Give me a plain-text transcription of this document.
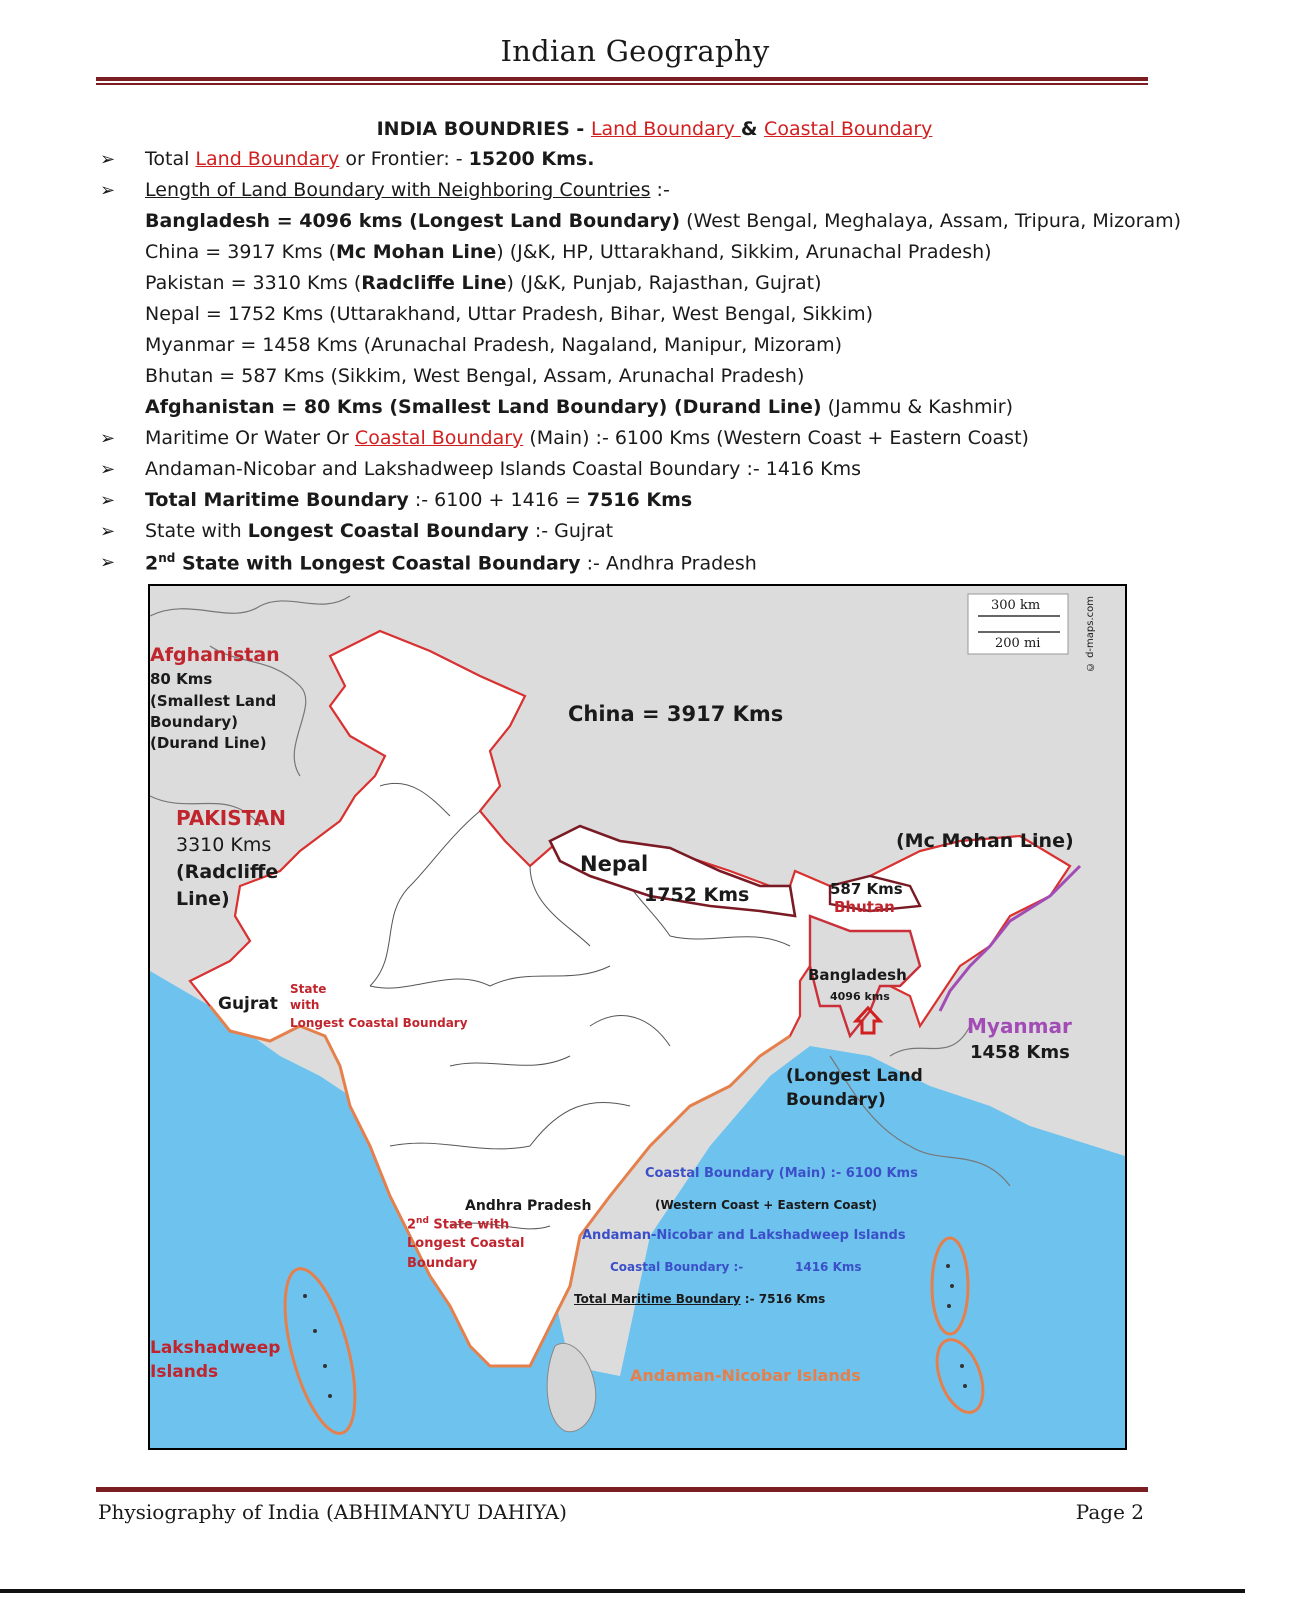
Indian Geography
INDIA BOUNDRIES - Land Boundary & Coastal Boundary
➢ Total Land Boundary or Frontier: - 15200 Kms.
➢ Length of Land Boundary with Neighboring Countries :-
Bangladesh = 4096 kms (Longest Land Boundary) (West Bengal, Meghalaya, Assam, Tripura, Mizoram)
China = 3917 Kms (Mc Mohan Line) (J&K, HP, Uttarakhand, Sikkim, Arunachal Pradesh)
Pakistan = 3310 Kms (Radcliffe Line) (J&K, Punjab, Rajasthan, Gujrat)
Nepal = 1752 Kms (Uttarakhand, Uttar Pradesh, Bihar, West Bengal, Sikkim)
Myanmar = 1458 Kms (Arunachal Pradesh, Nagaland, Manipur, Mizoram)
Bhutan = 587 Kms (Sikkim, West Bengal, Assam, Arunachal Pradesh)
Afghanistan = 80 Kms (Smallest Land Boundary) (Durand Line) (Jammu & Kashmir)
➢ Maritime Or Water Or Coastal Boundary (Main) :- 6100 Kms (Western Coast + Eastern Coast)
➢ Andaman-Nicobar and Lakshadweep Islands Coastal Boundary :- 1416 Kms
➢ Total Maritime Boundary :- 6100 + 1416 = 7516 Kms
➢ State with Longest Coastal Boundary :- Gujrat
➢ 2nd State with Longest Coastal Boundary :- Andhra Pradesh
300 km
200 mi	© d-maps.com
Afghanistan
80 Kms
(Smallest Land
Boundary)
(Durand Line)
China = 3917 Kms
PAKISTAN
3310 Kms
(Radcliffe
Line)
(Mc Mohan Line)
Nepal
1752 Kms	587 Kms
Bhutan
Bangladesh
4096 kms
Myanmar
1458 Kms
(Longest Land
Boundary)
Gujrat
State
with
Longest Coastal Boundary
Andhra Pradesh
2nd State with
Longest Coastal
Boundary
Coastal Boundary (Main) :- 6100 Kms
(Western Coast + Eastern Coast)
Andaman-Nicobar and Lakshadweep Islands
Coastal Boundary :-	1416 Kms
Total Maritime Boundary :- 7516 Kms
Lakshadweep
Islands	Andaman-Nicobar Islands
Physiography of India (ABHIMANYU DAHIYA)	Page 2
